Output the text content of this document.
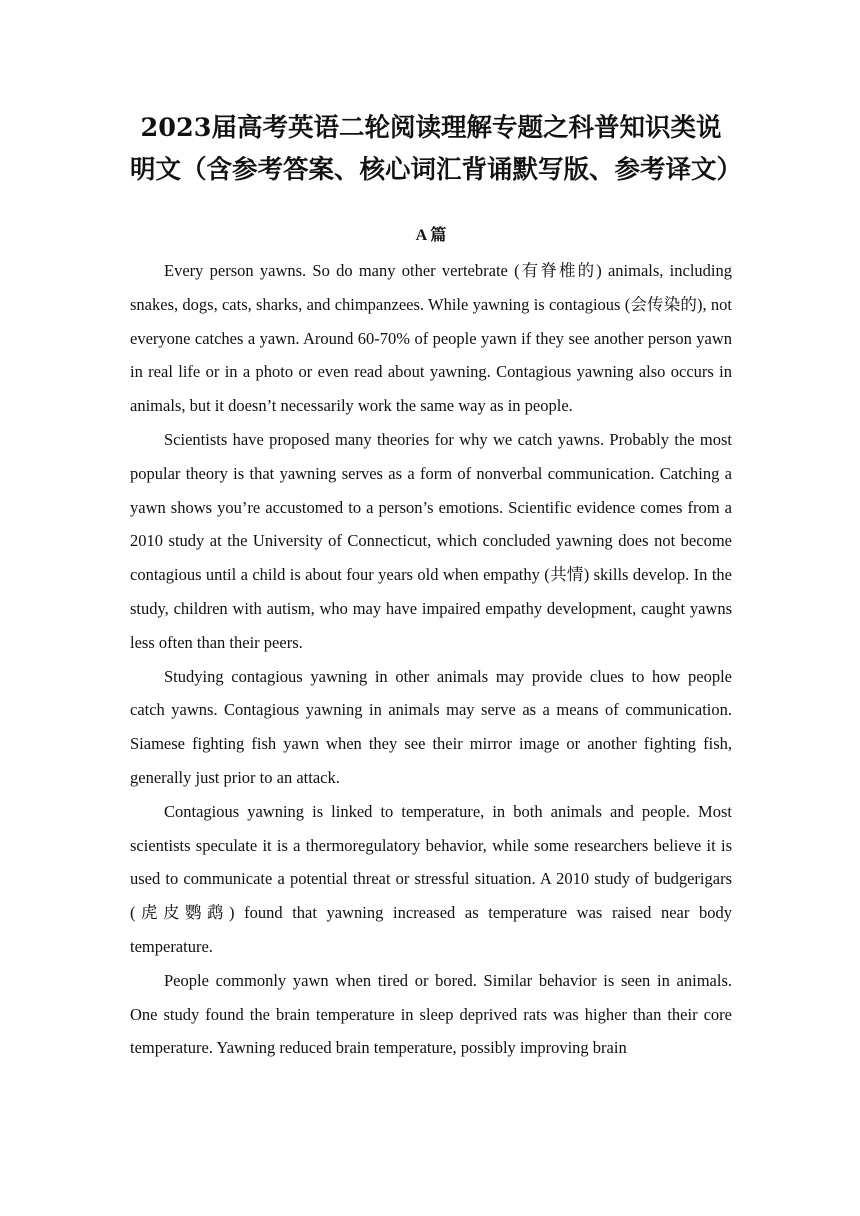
2023届高考英语二轮阅读理解专题之科普知识类说明文（含参考答案、核心词汇背诵默写版、参考译文）
A 篇

Every person yawns. So do many other vertebrate (有脊椎的) animals, including snakes, dogs, cats, sharks, and chimpanzees. While yawning is contagious (会传染的), not everyone catches a yawn. Around 60-70% of people yawn if they see another person yawn in real life or in a photo or even read about yawning. Contagious yawning also occurs in animals, but it doesn’t necessarily work the same way as in people.

Scientists have proposed many theories for why we catch yawns. Probably the most popular theory is that yawning serves as a form of nonverbal communication. Catching a yawn shows you’re accustomed to a person’s emotions. Scientific evidence comes from a 2010 study at the University of Connecticut, which concluded yawning does not become contagious until a child is about four years old when empathy (共情) skills develop. In the study, children with autism, who may have impaired empathy development, caught yawns less often than their peers.

Studying contagious yawning in other animals may provide clues to how people catch yawns. Contagious yawning in animals may serve as a means of communication. Siamese fighting fish yawn when they see their mirror image or another fighting fish, generally just prior to an attack.

Contagious yawning is linked to temperature, in both animals and people. Most scientists speculate it is a thermoregulatory behavior, while some researchers believe it is used to communicate a potential threat or stressful situation. A 2010 study of budgerigars (虎皮鹦鹉) found that yawning increased as temperature was raised near body temperature.

People commonly yawn when tired or bored. Similar behavior is seen in animals. One study found the brain temperature in sleep deprived rats was higher than their core temperature. Yawning reduced brain temperature, possibly improving brain
